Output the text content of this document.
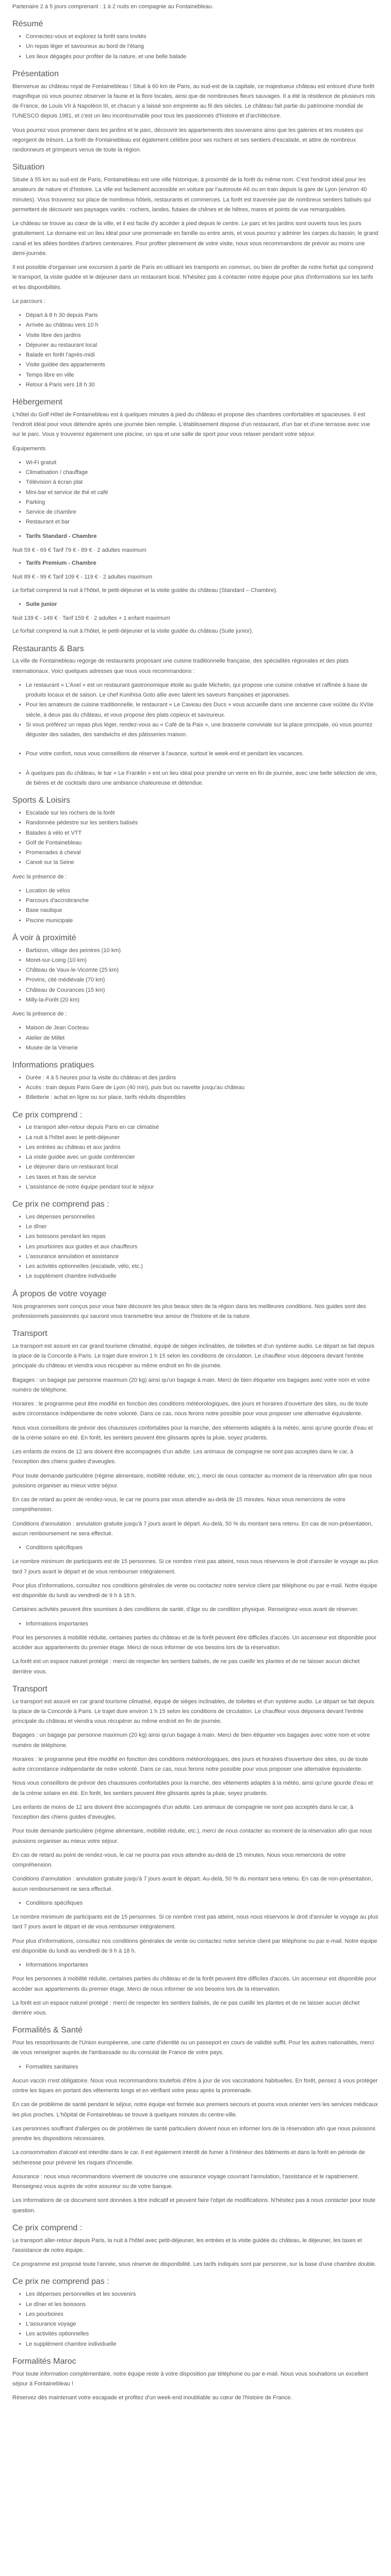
Partenaire 2 à 5 jours comprenant : 1 à 2 nuits en compagnie au Fontainebleau.

Résumé
• Connectez-vous et explorez la forêt sans invités
• Un repas léger et savoureux au bord de l'étang
• Les lieux dégagés pour profiter de la nature, et une belle balade
Présentation

Bienvenue au château royal de Fontainebleau ! Situé à 60 km de Paris, au sud-est de la capitale, ce majestueux château est entouré d'une forêt magnifique où vous pourrez observer la faune et la flore locales, ainsi que de nombreuses fleurs sauvages. Il a été la résidence de plusieurs rois de France, de Louis VII à Napoléon III, et chacun y a laissé son empreinte au fil des siècles. Le château fait partie du patrimoine mondial de l'UNESCO depuis 1981, et c'est un lieu incontournable pour tous les passionnés d'histoire et d'architecture.

Vous pourrez vous promener dans les jardins et le parc, découvrir les appartements des souverains ainsi que les galeries et les musées qui regorgent de trésors. La forêt de Fontainebleau est également célèbre pour ses rochers et ses sentiers d'escalade, et attire de nombreux randonneurs et grimpeurs venus de toute la région.

Situation

Située à 55 km au sud-est de Paris, Fontainebleau est une ville historique, à proximité de la forêt du même nom. C'est l'endroit idéal pour les amateurs de nature et d'histoire. La ville est facilement accessible en voiture par l'autoroute A6 ou en train depuis la gare de Lyon (environ 40 minutes). Vous trouverez sur place de nombreux hôtels, restaurants et commerces. La forêt est traversée par de nombreux sentiers balisés qui permettent de découvrir ses paysages variés : rochers, landes, futaies de chênes et de hêtres, mares et points de vue remarquables.

Le château se trouve au cœur de la ville, et il est facile d'y accéder à pied depuis le centre. Le parc et les jardins sont ouverts tous les jours gratuitement. Le domaine est un lieu idéal pour une promenade en famille ou entre amis, et vous pourrez y admirer les carpes du bassin, le grand canal et les allées bordées d'arbres centenaires. Pour profiter pleinement de votre visite, nous vous recommandons de prévoir au moins une demi-journée.

Il est possible d'organiser une excursion à partir de Paris en utilisant les transports en commun, ou bien de profiter de notre forfait qui comprend le transport, la visite guidée et le déjeuner dans un restaurant local. N'hésitez pas à contacter notre équipe pour plus d'informations sur les tarifs et les disponibilités.

Le parcours :

• Départ à 8 h 30 depuis Paris
• Arrivée au château vers 10 h
• Visite libre des jardins
• Déjeuner au restaurant local
• Balade en forêt l'après-midi
• Visite guidée des appartements
• Temps libre en ville
• Retour à Paris vers 18 h 30
Hébergement

L'hôtel du Golf Hôtel de Fontainebleau est à quelques minutes à pied du château et propose des chambres confortables et spacieuses. Il est l'endroit idéal pour vous détendre après une journée bien remplie. L'établissement dispose d'un restaurant, d'un bar et d'une terrasse avec vue sur le parc. Vous y trouverez également une piscine, un spa et une salle de sport pour vous relaxer pendant votre séjour.

Équipements

• Wi-Fi gratuit
• Climatisation / chauffage
• Télévision à écran plat
• Mini-bar et service de thé et café
• Parking
• Service de chambre
• Restaurant et bar
• Tarifs Standard - Chambre

Nuit 59 € - 69 € Tarif 79 € - 89 € · 2 adultes maximum

• Tarifs Premium - Chambre

Nuit 89 € - 99 € Tarif 109 € - 119 € · 2 adultes maximum

Le forfait comprend la nuit à l'hôtel, le petit-déjeuner et la visite guidée du château (Standard – Chambre).

• Suite junior

Nuit 139 € - 149 € · Tarif 159 € · 2 adultes + 1 enfant maximum

Le forfait comprend la nuit à l'hôtel, le petit-déjeuner et la visite guidée du château (Suite junior).

Restaurants & Bars

La ville de Fontainebleau regorge de restaurants proposant une cuisine traditionnelle française, des spécialités régionales et des plats internationaux. Voici quelques adresses que nous vous recommandons :

• Le restaurant « L'Axel » est un restaurant gastronomique étoilé au guide Michelin, qui propose une cuisine créative et raffinée à base de produits locaux et de saison. Le chef Kunihisa Goto allie avec talent les saveurs françaises et japonaises.
• Pour les amateurs de cuisine traditionnelle, le restaurant « Le Caveau des Ducs » vous accueille dans une ancienne cave voûtée du XVIIe siècle, à deux pas du château, et vous propose des plats copieux et savoureux.
• Si vous préférez un repas plus léger, rendez-vous au « Café de la Paix », une brasserie conviviale sur la place principale, où vous pourrez déguster des salades, des sandwichs et des pâtisseries maison.
• Pour votre confort, nous vous conseillons de réserver à l'avance, surtout le week-end et pendant les vacances.
• À quelques pas du château, le bar « Le Franklin » est un lieu idéal pour prendre un verre en fin de journée, avec une belle sélection de vins, de bières et de cocktails dans une ambiance chaleureuse et détendue.
Sports & Loisirs
• Escalade sur les rochers de la forêt
• Randonnée pédestre sur les sentiers balisés
• Balades à vélo et VTT
• Golf de Fontainebleau
• Promenades à cheval
• Canoë sur la Seine

Avec la présence de :

• Location de vélos
• Parcours d'accrobranche
• Base nautique
• Piscine municipale
À voir à proximité
• Barbizon, village des peintres (10 km)
• Moret-sur-Loing (10 km)
• Château de Vaux-le-Vicomte (25 km)
• Provins, cité médiévale (70 km)
• Château de Courances (15 km)
• Milly-la-Forêt (20 km)

Avec la présence de :

• Maison de Jean Cocteau
• Atelier de Millet
• Musée de la Vénerie
Informations pratiques
• Durée : 4 à 5 heures pour la visite du château et des jardins
• Accès : train depuis Paris Gare de Lyon (40 min), puis bus ou navette jusqu'au château
• Billetterie : achat en ligne ou sur place, tarifs réduits disponibles
Ce prix comprend :
• Le transport aller-retour depuis Paris en car climatisé
• La nuit à l'hôtel avec le petit-déjeuner
• Les entrées au château et aux jardins
• La visite guidée avec un guide conférencier
• Le déjeuner dans un restaurant local
• Les taxes et frais de service
• L'assistance de notre équipe pendant tout le séjour
Ce prix ne comprend pas :
• Les dépenses personnelles
• Le dîner
• Les boissons pendant les repas
• Les pourboires aux guides et aux chauffeurs
• L'assurance annulation et assistance
• Les activités optionnelles (escalade, vélo, etc.)
• Le supplément chambre individuelle
À propos de votre voyage

Nos programmes sont conçus pour vous faire découvrir les plus beaux sites de la région dans les meilleures conditions. Nos guides sont des professionnels passionnés qui sauront vous transmettre leur amour de l'histoire et de la nature.

Transport

Le transport est assuré en car grand tourisme climatisé, équipé de sièges inclinables, de toilettes et d'un système audio. Le départ se fait depuis la place de la Concorde à Paris. Le trajet dure environ 1 h 15 selon les conditions de circulation. Le chauffeur vous déposera devant l'entrée principale du château et viendra vous récupérer au même endroit en fin de journée.

Bagages : un bagage par personne maximum (20 kg) ainsi qu'un bagage à main. Merci de bien étiqueter vos bagages avec votre nom et votre numéro de téléphone.

Horaires : le programme peut être modifié en fonction des conditions météorologiques, des jours et horaires d'ouverture des sites, ou de toute autre circonstance indépendante de notre volonté. Dans ce cas, nous ferons notre possible pour vous proposer une alternative équivalente.

Nous vous conseillons de prévoir des chaussures confortables pour la marche, des vêtements adaptés à la météo, ainsi qu'une gourde d'eau et de la crème solaire en été. En forêt, les sentiers peuvent être glissants après la pluie, soyez prudents.

Les enfants de moins de 12 ans doivent être accompagnés d'un adulte. Les animaux de compagnie ne sont pas acceptés dans le car, à l'exception des chiens guides d'aveugles.

Pour toute demande particulière (régime alimentaire, mobilité réduite, etc.), merci de nous contacter au moment de la réservation afin que nous puissions organiser au mieux votre séjour.

En cas de retard au point de rendez-vous, le car ne pourra pas vous attendre au-delà de 15 minutes. Nous vous remercions de votre compréhension.

Conditions d'annulation : annulation gratuite jusqu'à 7 jours avant le départ. Au-delà, 50 % du montant sera retenu. En cas de non-présentation, aucun remboursement ne sera effectué.

• Conditions spécifiques

Le nombre minimum de participants est de 15 personnes. Si ce nombre n'est pas atteint, nous nous réservons le droit d'annuler le voyage au plus tard 7 jours avant le départ et de vous rembourser intégralement.

Pour plus d'informations, consultez nos conditions générales de vente ou contactez notre service client par téléphone ou par e-mail. Notre équipe est disponible du lundi au vendredi de 9 h à 18 h.

Certaines activités peuvent être soumises à des conditions de santé, d'âge ou de condition physique. Renseignez-vous avant de réserver.

• Informations importantes

Pour les personnes à mobilité réduite, certaines parties du château et de la forêt peuvent être difficiles d'accès. Un ascenseur est disponible pour accéder aux appartements du premier étage. Merci de nous informer de vos besoins lors de la réservation.

La forêt est un espace naturel protégé : merci de respecter les sentiers balisés, de ne pas cueillir les plantes et de ne laisser aucun déchet derrière vous.

Transport

Le transport est assuré en car grand tourisme climatisé, équipé de sièges inclinables, de toilettes et d'un système audio. Le départ se fait depuis la place de la Concorde à Paris. Le trajet dure environ 1 h 15 selon les conditions de circulation. Le chauffeur vous déposera devant l'entrée principale du château et viendra vous récupérer au même endroit en fin de journée.

Bagages : un bagage par personne maximum (20 kg) ainsi qu'un bagage à main. Merci de bien étiqueter vos bagages avec votre nom et votre numéro de téléphone.

Horaires : le programme peut être modifié en fonction des conditions météorologiques, des jours et horaires d'ouverture des sites, ou de toute autre circonstance indépendante de notre volonté. Dans ce cas, nous ferons notre possible pour vous proposer une alternative équivalente.

Nous vous conseillons de prévoir des chaussures confortables pour la marche, des vêtements adaptés à la météo, ainsi qu'une gourde d'eau et de la crème solaire en été. En forêt, les sentiers peuvent être glissants après la pluie, soyez prudents.

Les enfants de moins de 12 ans doivent être accompagnés d'un adulte. Les animaux de compagnie ne sont pas acceptés dans le car, à l'exception des chiens guides d'aveugles.

Pour toute demande particulière (régime alimentaire, mobilité réduite, etc.), merci de nous contacter au moment de la réservation afin que nous puissions organiser au mieux votre séjour.

En cas de retard au point de rendez-vous, le car ne pourra pas vous attendre au-delà de 15 minutes. Nous vous remercions de votre compréhension.

Conditions d'annulation : annulation gratuite jusqu'à 7 jours avant le départ. Au-delà, 50 % du montant sera retenu. En cas de non-présentation, aucun remboursement ne sera effectué.

• Conditions spécifiques

Le nombre minimum de participants est de 15 personnes. Si ce nombre n'est pas atteint, nous nous réservons le droit d'annuler le voyage au plus tard 7 jours avant le départ et de vous rembourser intégralement.

Pour plus d'informations, consultez nos conditions générales de vente ou contactez notre service client par téléphone ou par e-mail. Notre équipe est disponible du lundi au vendredi de 9 h à 18 h.

• Informations importantes

Pour les personnes à mobilité réduite, certaines parties du château et de la forêt peuvent être difficiles d'accès. Un ascenseur est disponible pour accéder aux appartements du premier étage. Merci de nous informer de vos besoins lors de la réservation.

La forêt est un espace naturel protégé : merci de respecter les sentiers balisés, de ne pas cueillir les plantes et de ne laisser aucun déchet derrière vous.

Formalités & Santé

Pour les ressortissants de l'Union européenne, une carte d'identité ou un passeport en cours de validité suffit. Pour les autres nationalités, merci de vous renseigner auprès de l'ambassade ou du consulat de France de votre pays.

• Formalités sanitaires

Aucun vaccin n'est obligatoire. Nous vous recommandons toutefois d'être à jour de vos vaccinations habituelles. En forêt, pensez à vous protéger contre les tiques en portant des vêtements longs et en vérifiant votre peau après la promenade.

En cas de problème de santé pendant le séjour, notre équipe est formée aux premiers secours et pourra vous orienter vers les services médicaux les plus proches. L'hôpital de Fontainebleau se trouve à quelques minutes du centre-ville.

Les personnes souffrant d'allergies ou de problèmes de santé particuliers doivent nous en informer lors de la réservation afin que nous puissions prendre les dispositions nécessaires.

La consommation d'alcool est interdite dans le car. Il est également interdit de fumer à l'intérieur des bâtiments et dans la forêt en période de sécheresse pour prévenir les risques d'incendie.

Assurance : nous vous recommandons vivement de souscrire une assurance voyage couvrant l'annulation, l'assistance et le rapatriement. Renseignez-vous auprès de votre assureur ou de votre banque.

Les informations de ce document sont données à titre indicatif et peuvent faire l'objet de modifications. N'hésitez pas à nous contacter pour toute question.

Ce prix comprend :

Le transport aller-retour depuis Paris, la nuit à l'hôtel avec petit-déjeuner, les entrées et la visite guidée du château, le déjeuner, les taxes et l'assistance de notre équipe.

Ce programme est proposé toute l'année, sous réserve de disponibilité. Les tarifs indiqués sont par personne, sur la base d'une chambre double.

Ce prix ne comprend pas :
• Les dépenses personnelles et les souvenirs
• Le dîner et les boissons
• Les pourboires
• L'assurance voyage
• Les activités optionnelles
• Le supplément chambre individuelle
Formalités Maroc

Pour toute information complémentaire, notre équipe reste à votre disposition par téléphone ou par e-mail. Nous vous souhaitons un excellent séjour à Fontainebleau !

Réservez dès maintenant votre escapade et profitez d'un week-end inoubliable au cœur de l'histoire de France.
